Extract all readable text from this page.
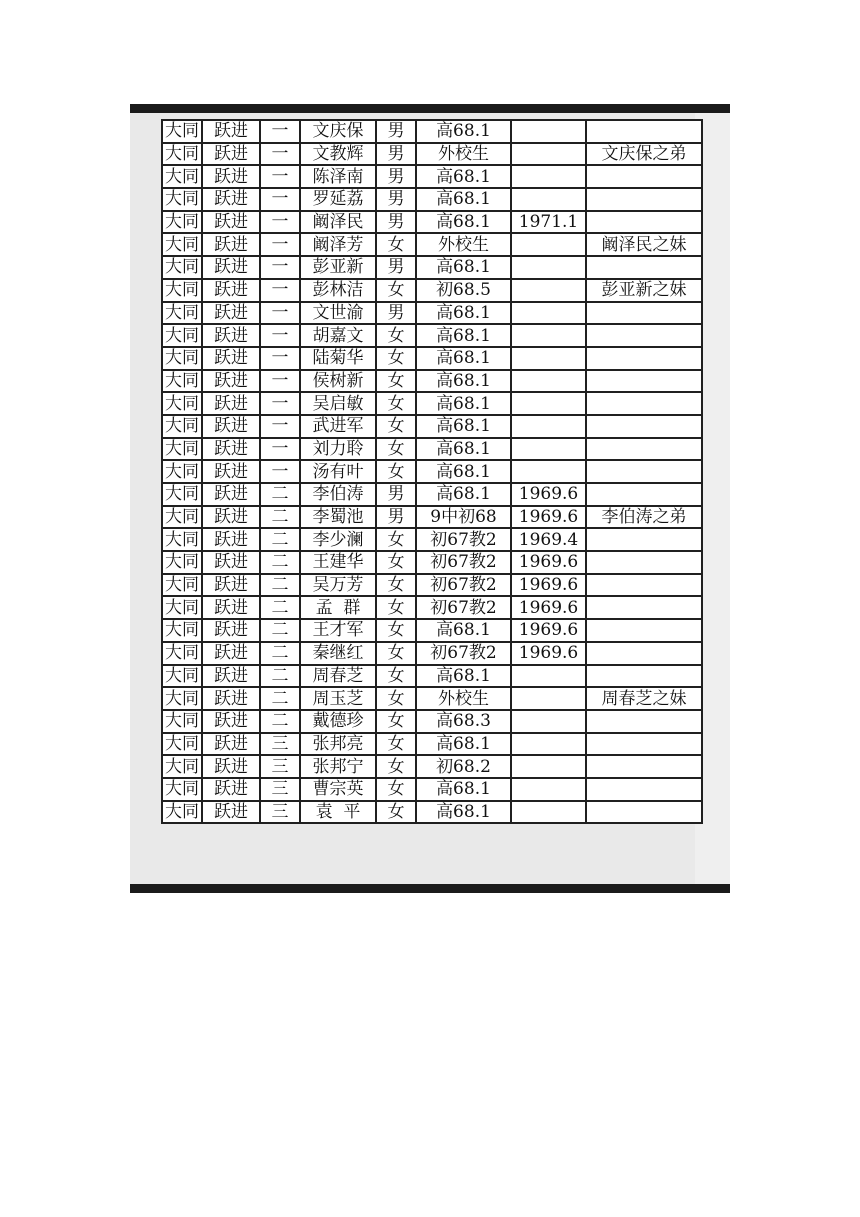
大同	跃进	一	文庆保	男	高68.1		
大同	跃进	一	文教辉	男	外校生		文庆保之弟
大同	跃进	一	陈泽南	男	高68.1		
大同	跃进	一	罗延荔	男	高68.1		
大同	跃进	一	阚泽民	男	高68.1	1971.1	
大同	跃进	一	阚泽芳	女	外校生		阚泽民之妹
大同	跃进	一	彭亚新	男	高68.1		
大同	跃进	一	彭林洁	女	初68.5		彭亚新之妹
大同	跃进	一	文世渝	男	高68.1		
大同	跃进	一	胡嘉文	女	高68.1		
大同	跃进	一	陆菊华	女	高68.1		
大同	跃进	一	侯树新	女	高68.1		
大同	跃进	一	吴启敏	女	高68.1		
大同	跃进	一	武进军	女	高68.1		
大同	跃进	一	刘力聆	女	高68.1		
大同	跃进	一	汤有叶	女	高68.1		
大同	跃进	二	李伯涛	男	高68.1	1969.6	
大同	跃进	二	李蜀池	男	9中初68	1969.6	李伯涛之弟
大同	跃进	二	李少澜	女	初67教2	1969.4	
大同	跃进	二	王建华	女	初67教2	1969.6	
大同	跃进	二	吴万芳	女	初67教2	1969.6	
大同	跃进	二	孟  群	女	初67教2	1969.6	
大同	跃进	二	王才军	女	高68.1	1969.6	
大同	跃进	二	秦继红	女	初67教2	1969.6	
大同	跃进	二	周春芝	女	高68.1		
大同	跃进	二	周玉芝	女	外校生		周春芝之妹
大同	跃进	二	戴德珍	女	高68.3		
大同	跃进	三	张邦亮	女	高68.1		
大同	跃进	三	张邦宁	女	初68.2		
大同	跃进	三	曹宗英	女	高68.1		
大同	跃进	三	袁  平	女	高68.1		
